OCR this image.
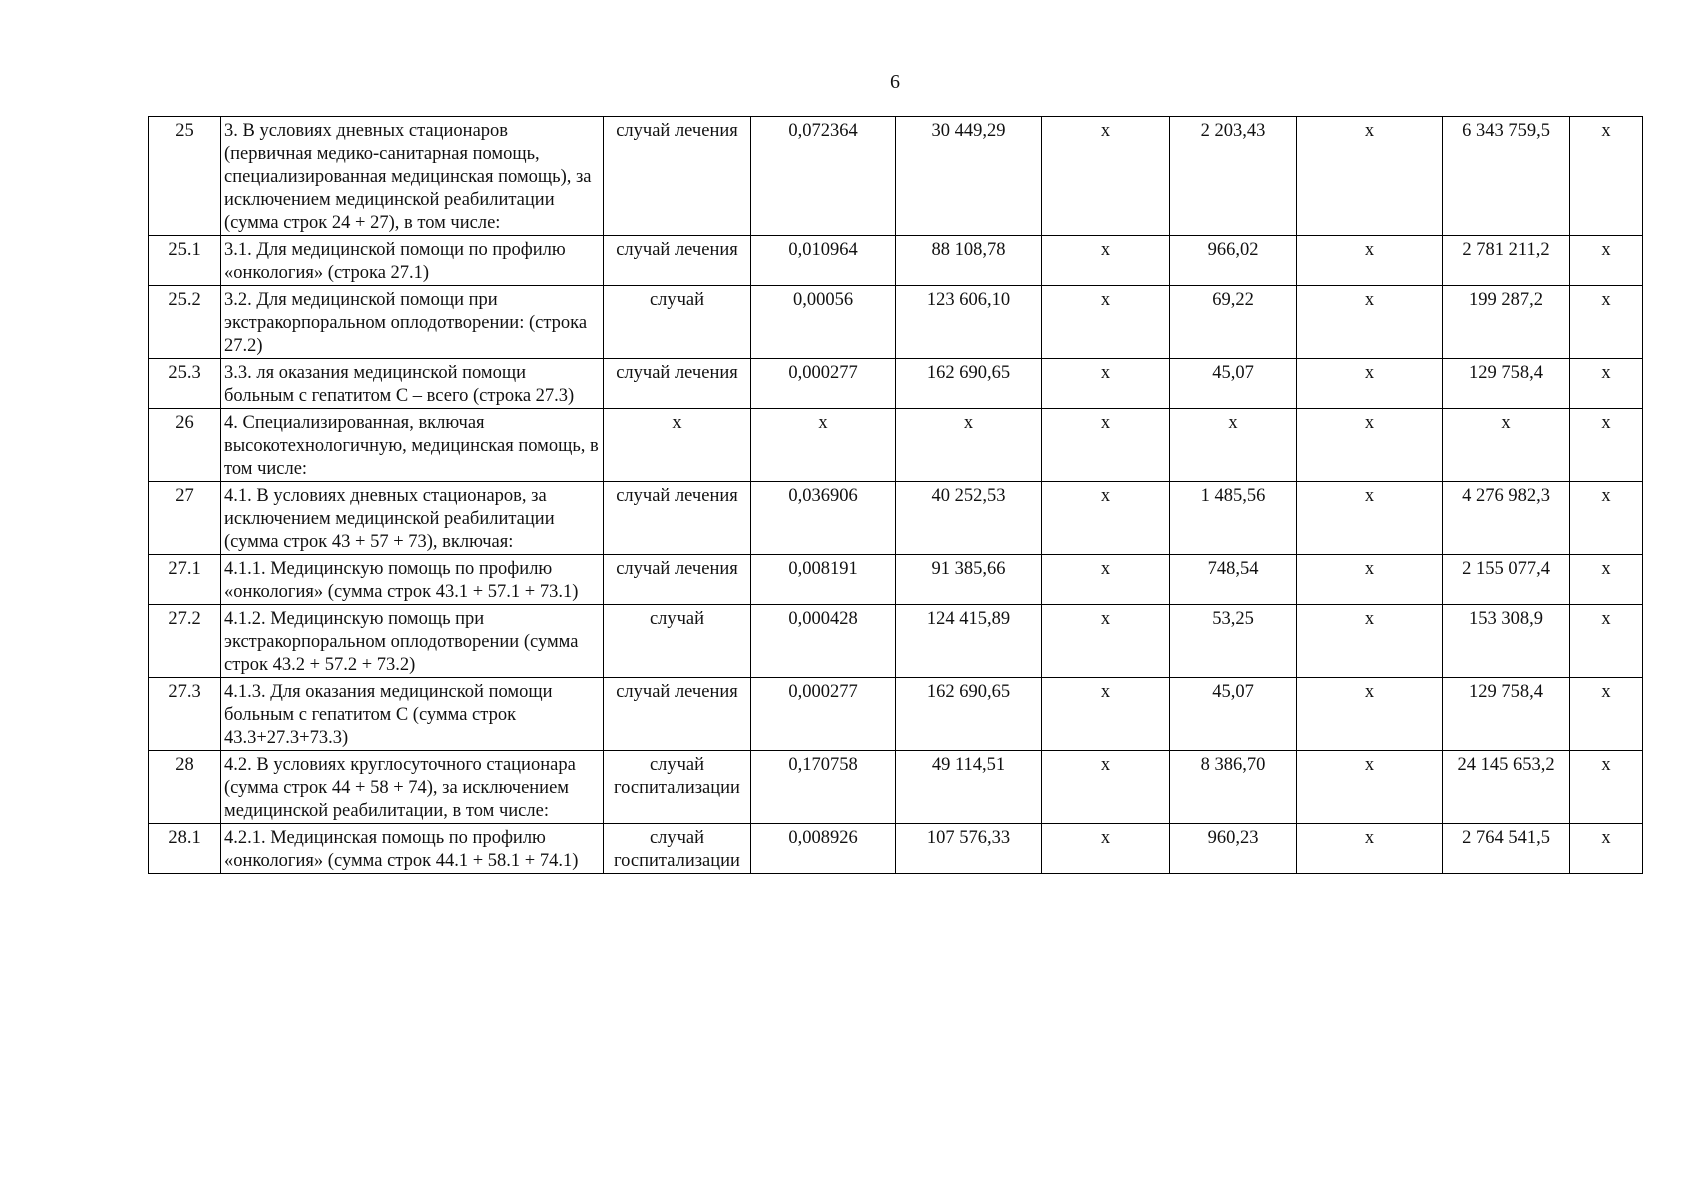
6
25	3. В условиях дневных стационаров (первичная медико-санитарная помощь, специализированная медицинская помощь), за исключением медицинской реабилитации (сумма строк 24 + 27), в том числе:	случай лечения	0,072364	30 449,29	х	2 203,43	х	6 343 759,5	х
25.1	3.1. Для медицинской помощи по профилю «онкология» (строка 27.1)	случай лечения	0,010964	88 108,78	х	966,02	х	2 781 211,2	х
25.2	3.2. Для медицинской помощи при экстракорпоральном оплодотворении: (строка 27.2)	случай	0,00056	123 606,10	х	69,22	х	199 287,2	х
25.3	3.3. ля оказания медицинской помощи больным с гепатитом С – всего (строка 27.3)	случай лечения	0,000277	162 690,65	х	45,07	х	129 758,4	х
26	4. Специализированная, включая высокотехнологичную, медицинская помощь, в том числе:	х	х	х	х	х	х	х	х
27	4.1. В условиях дневных стационаров, за исключением медицинской реабилитации (сумма строк 43 + 57 + 73), включая:	случай лечения	0,036906	40 252,53	х	1 485,56	х	4 276 982,3	х
27.1	4.1.1. Медицинскую помощь по профилю «онкология» (сумма строк 43.1 + 57.1 + 73.1)	случай лечения	0,008191	91 385,66	х	748,54	х	2 155 077,4	х
27.2	4.1.2. Медицинскую помощь при экстракорпоральном оплодотворении (сумма строк 43.2 + 57.2 + 73.2)	случай	0,000428	124 415,89	х	53,25	х	153 308,9	х
27.3	4.1.3. Для оказания медицинской помощи больным с гепатитом С (сумма строк 43.3+27.3+73.3)	случай лечения	0,000277	162 690,65	х	45,07	х	129 758,4	х
28	4.2. В условиях круглосуточного стационара (сумма строк 44 + 58 + 74), за исключением медицинской реабилитации, в том числе:	случай госпитализации	0,170758	49 114,51	х	8 386,70	х	24 145 653,2	х
28.1	4.2.1. Медицинская помощь по профилю «онкология» (сумма строк 44.1 + 58.1 + 74.1)	случай госпитализации	0,008926	107 576,33	х	960,23	х	2 764 541,5	х
